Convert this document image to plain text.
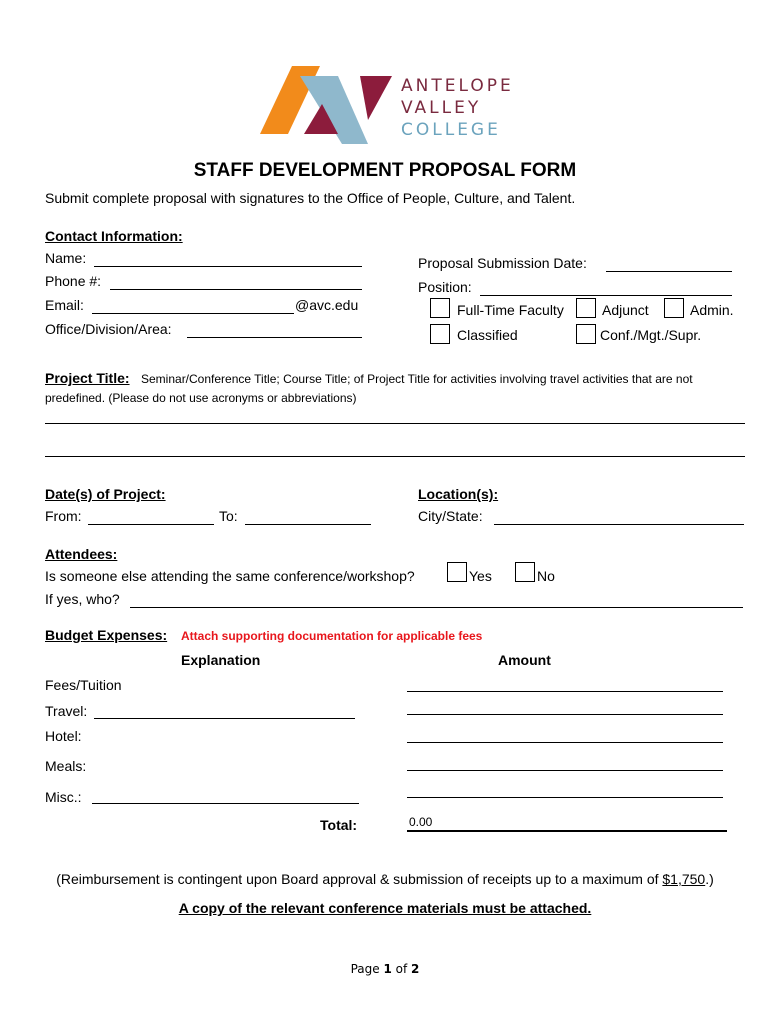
ANTELOPE
VALLEY
COLLEGE
STAFF DEVELOPMENT PROPOSAL FORM
Submit complete proposal with signatures to the Office of People, Culture, and Talent.
Contact Information:
Name:
Phone #:
Email:	@avc.edu
Office/Division/Area:
Proposal Submission Date:
Position:
Full-Time Faculty	Adjunct	Admin.
Classified	Conf./Mgt./Supr.
Project Title: Seminar/Conference Title; Course Title; of Project Title for activities involving travel activities that are not
predefined. (Please do not use acronyms or abbreviations)
Date(s) of Project:
From:	To:
Location(s):
City/State:
Attendees:
Is someone else attending the same conference/workshop?	Yes	No
If yes, who?
Budget Expenses: Attach supporting documentation for applicable fees
Explanation	Amount
Fees/Tuition
Travel:
Hotel:
Meals:
Misc.:
Total:	0.00
(Reimbursement is contingent upon Board approval & submission of receipts up to a maximum of $1,750.)
A copy of the relevant conference materials must be attached.
Page 1 of 2
